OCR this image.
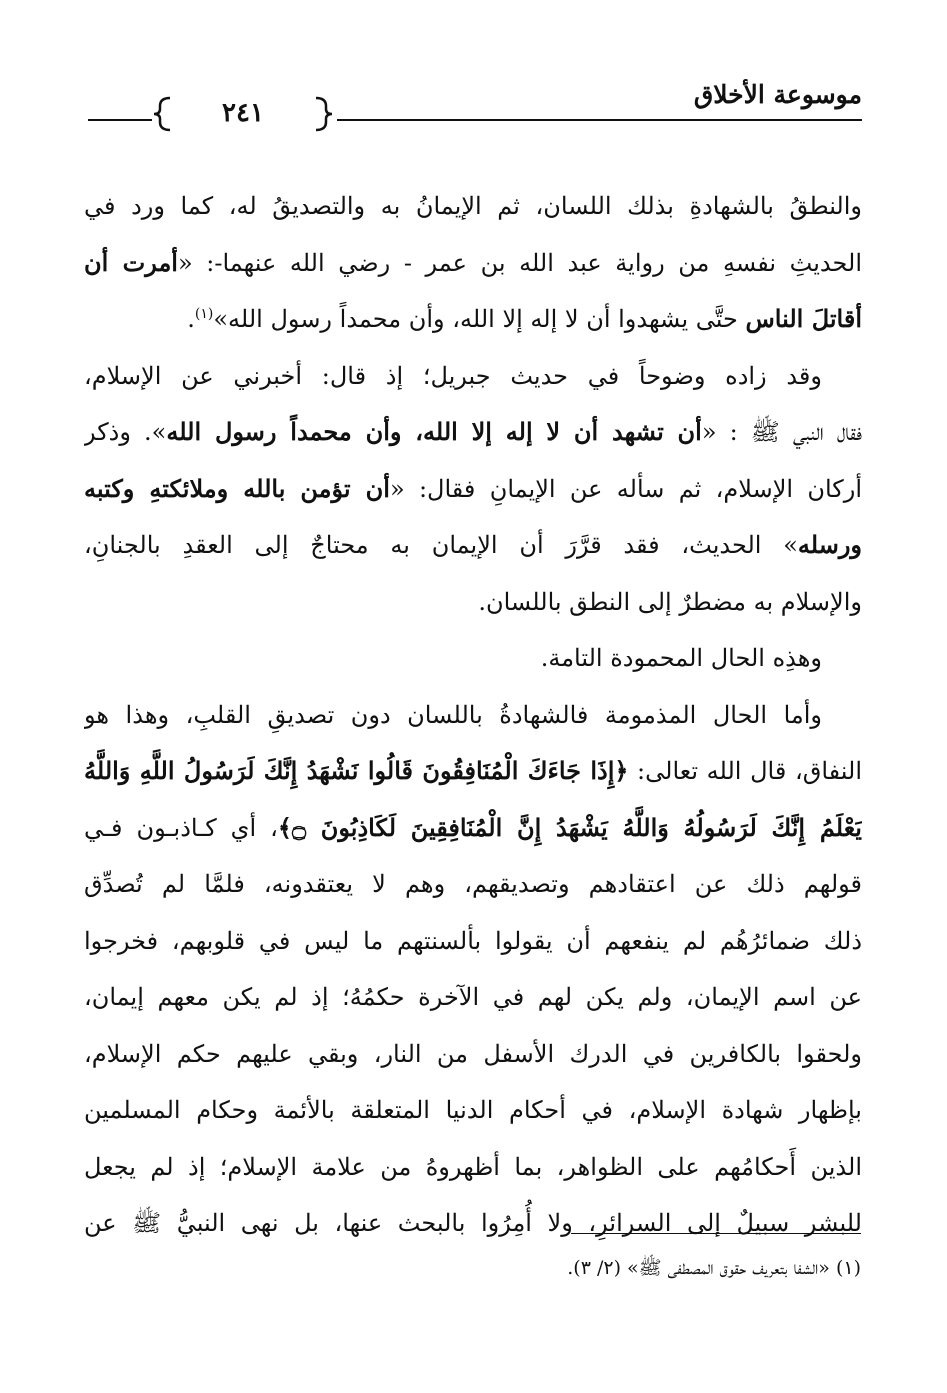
موسوعة الأخلاق
٢٤١
والنطقُ بالشهادةِ بذلك اللسان، ثم الإيمانُ به والتصديقُ له، كما ورد في
الحديثِ نفسهِ من رواية عبد الله بن عمر - رضي الله عنهما-: «أمرت أن
أقاتلَ الناس حتَّى يشهدوا أن لا إله إلا الله، وأن محمداً رسول الله»$^{(١)}$.
وقد زاده وضوحاً في حديث جبريل؛ إذ قال: أخبرني عن الإسلام،
فقال النبي ﷺ : «أن تشهد أن لا إله إلا الله، وأن محمداً رسول الله». وذكر
أركان الإسلام، ثم سأله عن الإيمانِ فقال: «أن تؤمن بالله وملائكتهِ وكتبه
ورسله» الحديث، فقد قرَّرَ أن الإيمان به محتاجٌ إلى العقدِ بالجنانِ،
والإسلام به مضطرٌ إلى النطق باللسان.
وهذِه الحال المحمودة التامة.
وأما الحال المذمومة فالشهادةُ باللسان دون تصديقِ القلبِ، وهذا هو
النفاق، قال الله تعالى: ﴿إِذَا جَاءَكَ الْمُنَافِقُونَ قَالُوا نَشْهَدُ إِنَّكَ لَرَسُولُ اللَّهِ وَاللَّهُ
يَعْلَمُ إِنَّكَ لَرَسُولُهُ وَاللَّهُ يَشْهَدُ إِنَّ الْمُنَافِقِينَ لَكَاذِبُونَ ۝﴾، أي كـاذبـون فـي
قولهم ذلك عن اعتقادهم وتصديقهم، وهم لا يعتقدونه، فلمَّا لم تُصدِّق
ذلك ضمائرُهُم لم ينفعهم أن يقولوا بألسنتهم ما ليس في قلوبهم، فخرجوا
عن اسم الإيمان، ولم يكن لهم في الآخرة حكمُهُ؛ إذ لم يكن معهم إيمان،
ولحقوا بالكافرين في الدرك الأسفل من النار، وبقي عليهم حكم الإسلام،
بإظهار شهادة الإسلام، في أحكام الدنيا المتعلقة بالأئمة وحكام المسلمين
الذين أَحكامُهم على الظواهر، بما أظهروهُ من علامة الإسلام؛ إذ لم يجعل
للبشر سبيلٌ إلى السرائرِ، ولا أُمِرُوا بالبحث عنها، بل نهى النبيُّ ﷺ عن
(١) «الشفا بتعريف حقوق المصطفى ﷺ» (٢/ ٣).
